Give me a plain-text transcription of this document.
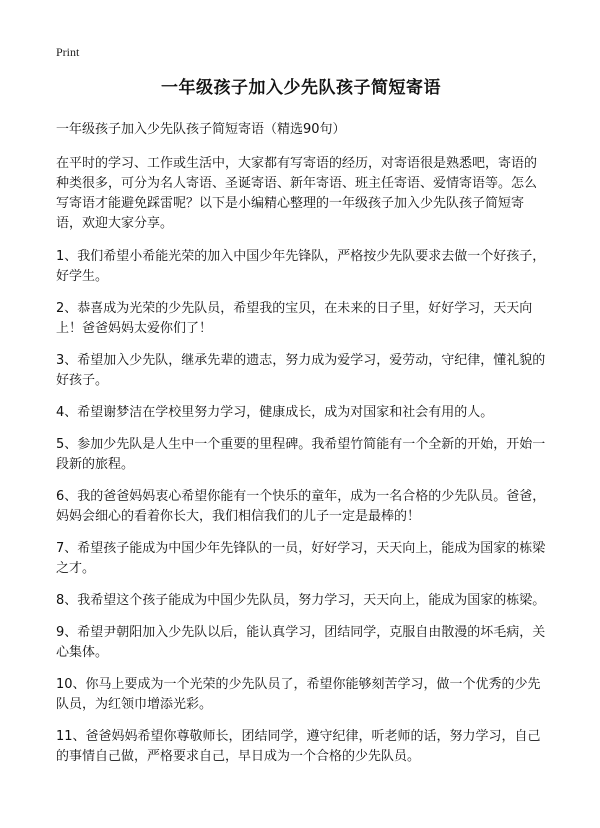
Print
一年级孩子加入少先队孩子简短寄语
一年级孩子加入少先队孩子简短寄语（精选90句）

在平时的学习、工作或生活中，大家都有写寄语的经历，对寄语很是熟悉吧，寄语的种类很多，可分为名人寄语、圣诞寄语、新年寄语、班主任寄语、爱情寄语等。怎么写寄语才能避免踩雷呢？以下是小编精心整理的一年级孩子加入少先队孩子简短寄语，欢迎大家分享。

1、我们希望小希能光荣的加入中国少年先锋队，严格按少先队要求去做一个好孩子，好学生。

2、恭喜成为光荣的少先队员，希望我的宝贝，在未来的日子里，好好学习，天天向上！爸爸妈妈太爱你们了！

3、希望加入少先队，继承先辈的遗志，努力成为爱学习，爱劳动，守纪律，懂礼貌的好孩子。

4、希望谢梦洁在学校里努力学习，健康成长，成为对国家和社会有用的人。

5、参加少先队是人生中一个重要的里程碑。我希望竹简能有一个全新的开始，开始一段新的旅程。

6、我的爸爸妈妈衷心希望你能有一个快乐的童年，成为一名合格的少先队员。爸爸，妈妈会细心的看着你长大，我们相信我们的儿子一定是最棒的！

7、希望孩子能成为中国少年先锋队的一员，好好学习，天天向上，能成为国家的栋梁之才。

8、我希望这个孩子能成为中国少先队员，努力学习，天天向上，能成为国家的栋梁。

9、希望尹朝阳加入少先队以后，能认真学习，团结同学，克服自由散漫的坏毛病，关心集体。

10、你马上要成为一个光荣的少先队员了，希望你能够刻苦学习，做一个优秀的少先队员，为红领巾增添光彩。

11、爸爸妈妈希望你尊敬师长，团结同学，遵守纪律，听老师的话，努力学习，自己的事情自己做，严格要求自己，早日成为一个合格的少先队员。
